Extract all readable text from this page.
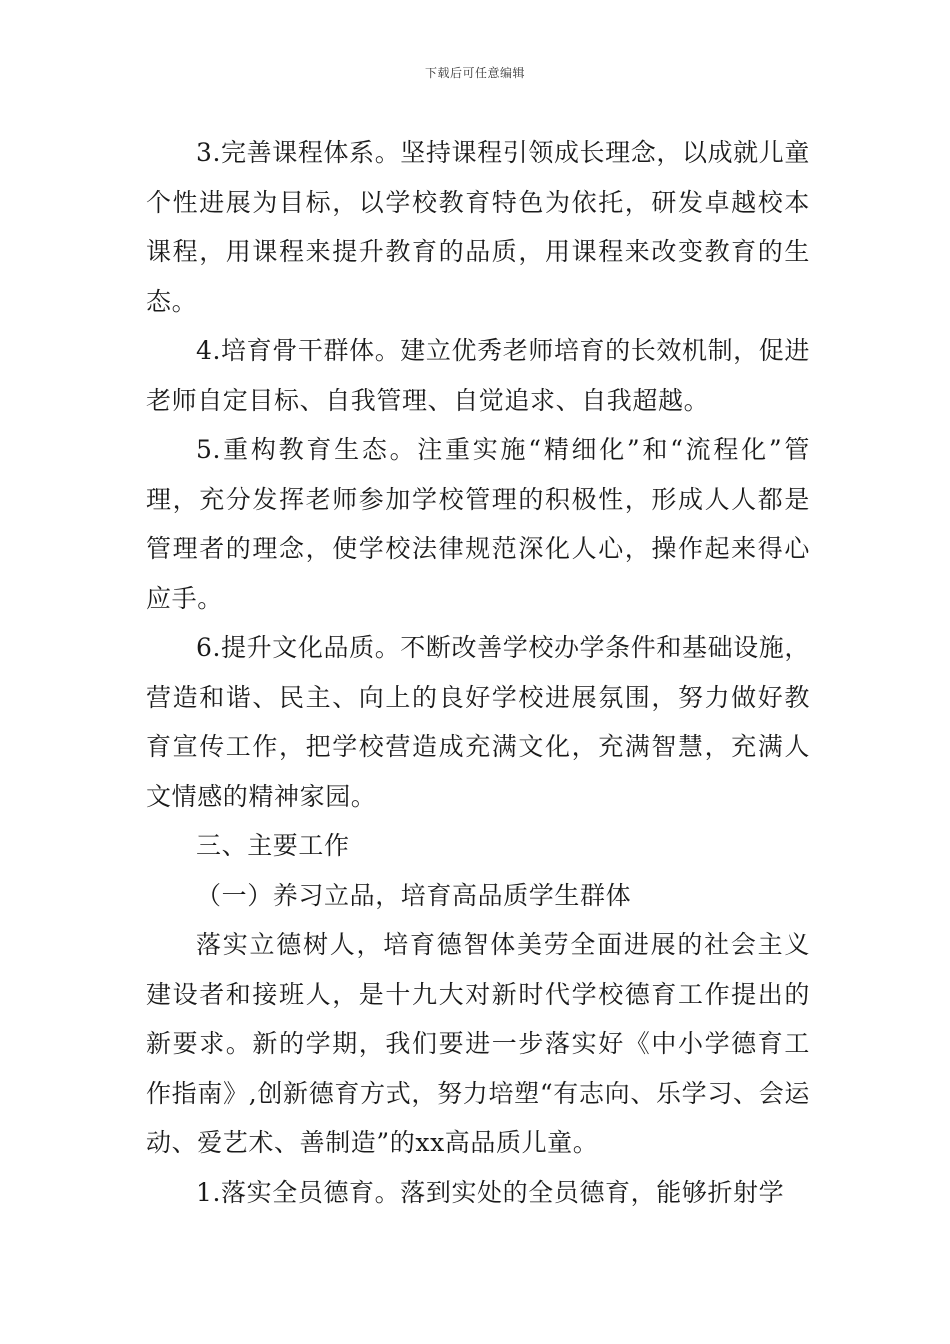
下载后可任意编辑

3.完善课程体系。坚持课程引领成长理念，以成就儿童个性进展为目标，以学校教育特色为依托，研发卓越校本课程，用课程来提升教育的品质，用课程来改变教育的生态。

4.培育骨干群体。建立优秀老师培育的长效机制，促进老师自定目标、自我管理、自觉追求、自我超越。

5.重构教育生态。注重实施“精细化”和“流程化”管理，充分发挥老师参加学校管理的积极性，形成人人都是管理者的理念，使学校法律规范深化人心，操作起来得心应手。

6.提升文化品质。不断改善学校办学条件和基础设施，营造和谐、民主、向上的良好学校进展氛围，努力做好教育宣传工作，把学校营造成充满文化，充满智慧，充满人文情感的精神家园。

三、主要工作

（一）养习立品，培育高品质学生群体

落实立德树人，培育德智体美劳全面进展的社会主义建设者和接班人，是十九大对新时代学校德育工作提出的新要求。新的学期，我们要进一步落实好《中小学德育工作指南》,创新德育方式，努力培塑“有志向、乐学习、会运动、爱艺术、善制造”的xx高品质儿童。

1.落实全员德育。落到实处的全员德育，能够折射学
